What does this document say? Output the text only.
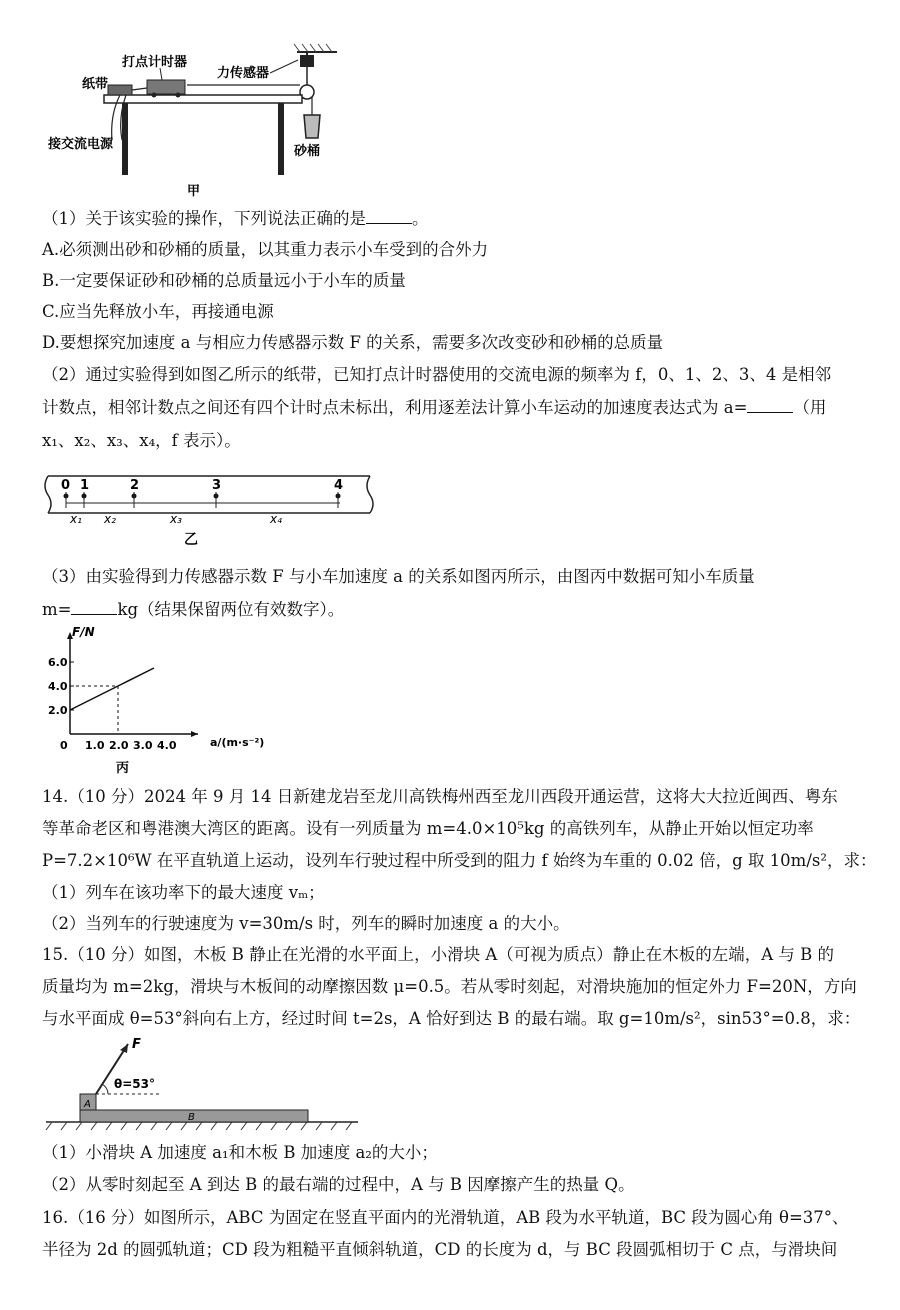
打点计时器
力传感器
纸带
接交流电源	砂桶
甲
（1）关于该实验的操作，下列说法正确的是	。
A.必须测出砂和砂桶的质量，以其重力表示小车受到的合外力
B.一定要保证砂和砂桶的总质量远小于小车的质量
C.应当先释放小车，再接通电源
D.要想探究加速度 a 与相应力传感器示数 F 的关系，需要多次改变砂和砂桶的总质量
（2）通过实验得到如图乙所示的纸带，已知打点计时器使用的交流电源的频率为 f，0、1、2、3、4 是相邻
计数点，相邻计数点之间还有四个计时点未标出，利用逐差法计算小车运动的加速度表达式为 a=	（用
x₁、x₂、x₃、x₄，f 表示）。
0 1	2	3	4
x₁ x₂	x₃	x₄
乙
（3）由实验得到力传感器示数 F 与小车加速度 a 的关系如图丙所示，由图丙中数据可知小车质量
m=	kg（结果保留两位有效数字）。
F/N
a/(m·s⁻²)
丙
0 1.0 2.0 3.0 4.0
2.0
4.0
6.0
14.（10 分）2024 年 9 月 14 日新建龙岩至龙川高铁梅州西至龙川西段开通运营，这将大大拉近闽西、粤东
等革命老区和粤港澳大湾区的距离。设有一列质量为 m=4.0×10⁵kg 的高铁列车，从静止开始以恒定功率
P=7.2×10⁶W 在平直轨道上运动，设列车行驶过程中所受到的阻力 f 始终为车重的 0.02 倍，g 取 10m/s²，求：
（1）列车在该功率下的最大速度 vₘ；
（2）当列车的行驶速度为 v=30m/s 时，列车的瞬时加速度 a 的大小。
15.（10 分）如图，木板 B 静止在光滑的水平面上，小滑块 A（可视为质点）静止在木板的左端，A 与 B 的
质量均为 m=2kg，滑块与木板间的动摩擦因数 μ=0.5。若从零时刻起，对滑块施加的恒定外力 F=20N，方向
与水平面成 θ=53°斜向右上方，经过时间 t=2s，A 恰好到达 B 的最右端。取 g=10m/s²，sin53°=0.8，求：
F
θ=53°
A
B
（1）小滑块 A 加速度 a₁和木板 B 加速度 a₂的大小；
（2）从零时刻起至 A 到达 B 的最右端的过程中，A 与 B 因摩擦产生的热量 Q。
16.（16 分）如图所示，ABC 为固定在竖直平面内的光滑轨道，AB 段为水平轨道，BC 段为圆心角 θ=37°、
半径为 2d 的圆弧轨道；CD 段为粗糙平直倾斜轨道，CD 的长度为 d，与 BC 段圆弧相切于 C 点，与滑块间
